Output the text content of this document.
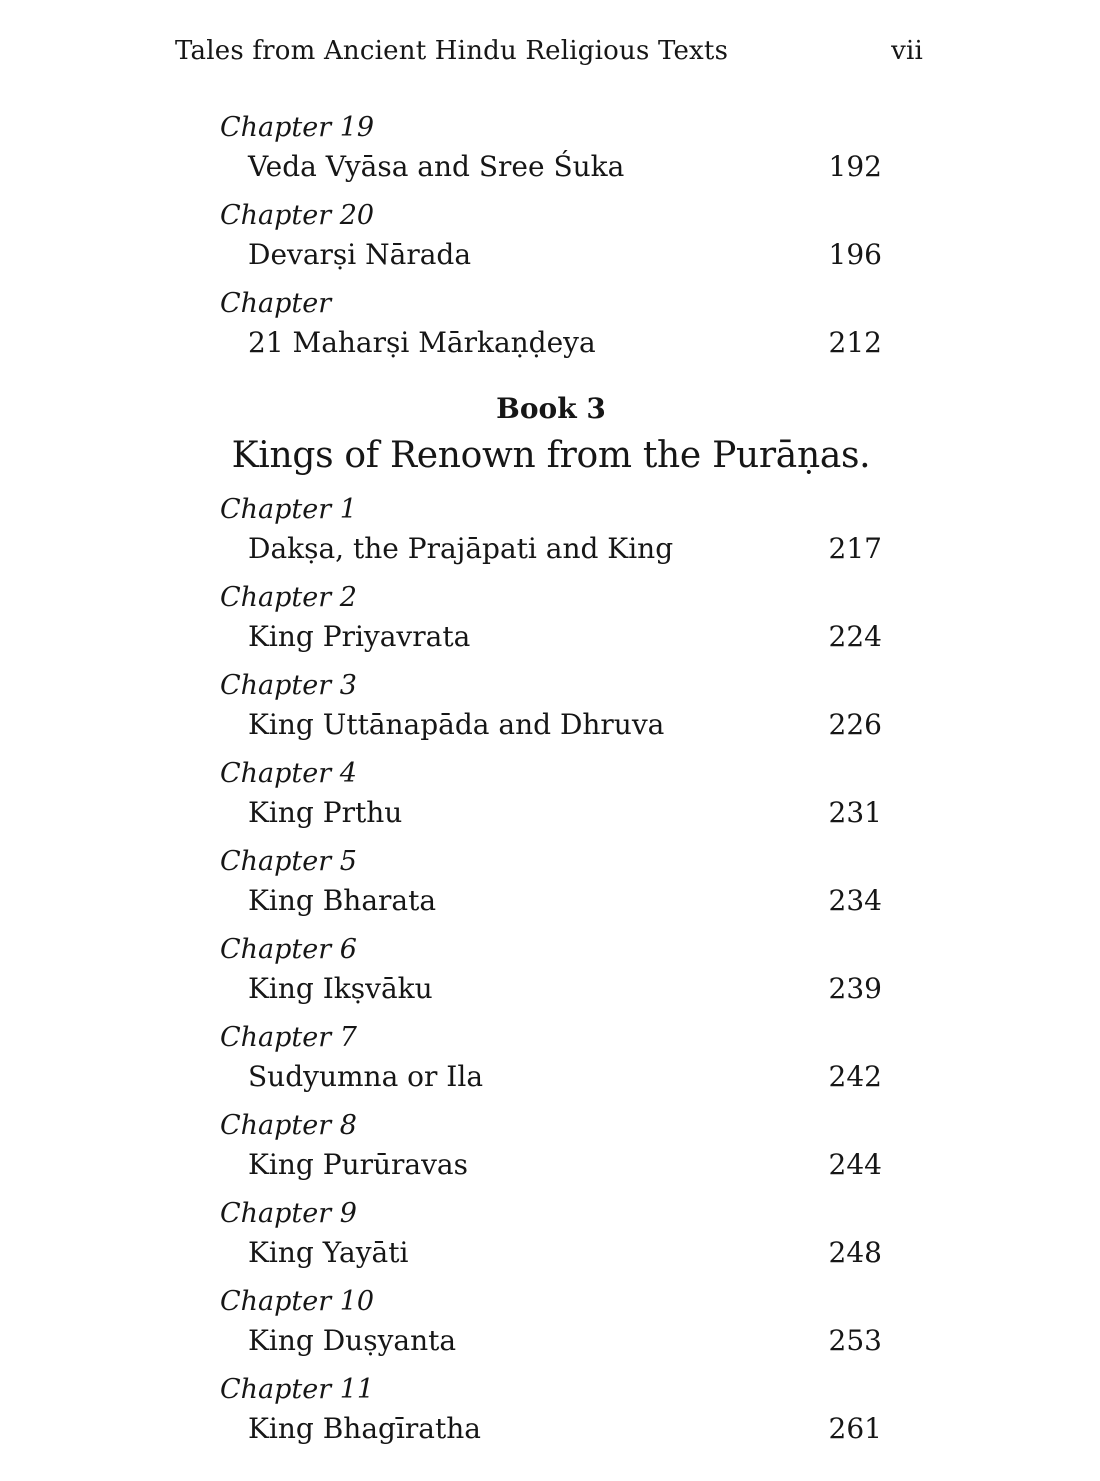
Tales from Ancient Hindu Religious Texts	vii
Chapter 19
Veda Vyāsa and Sree Śuka	192
Chapter 20
Devarṣi Nārada	196
Chapter
21 Maharṣi Mārkaṇḍeya	212
Book 3
Kings of Renown from the Purāṇas.
Chapter 1
Dakṣa, the Prajāpati and King	217
Chapter 2
King Priyavrata	224
Chapter 3
King Uttānapāda and Dhruva	226
Chapter 4
King Prthu	231
Chapter 5
King Bharata	234
Chapter 6
King Ikṣvāku	239
Chapter 7
Sudyumna or Ila	242
Chapter 8
King Purūravas	244
Chapter 9
King Yayāti	248
Chapter 10
King Duṣyanta	253
Chapter 11
King Bhagīratha	261
